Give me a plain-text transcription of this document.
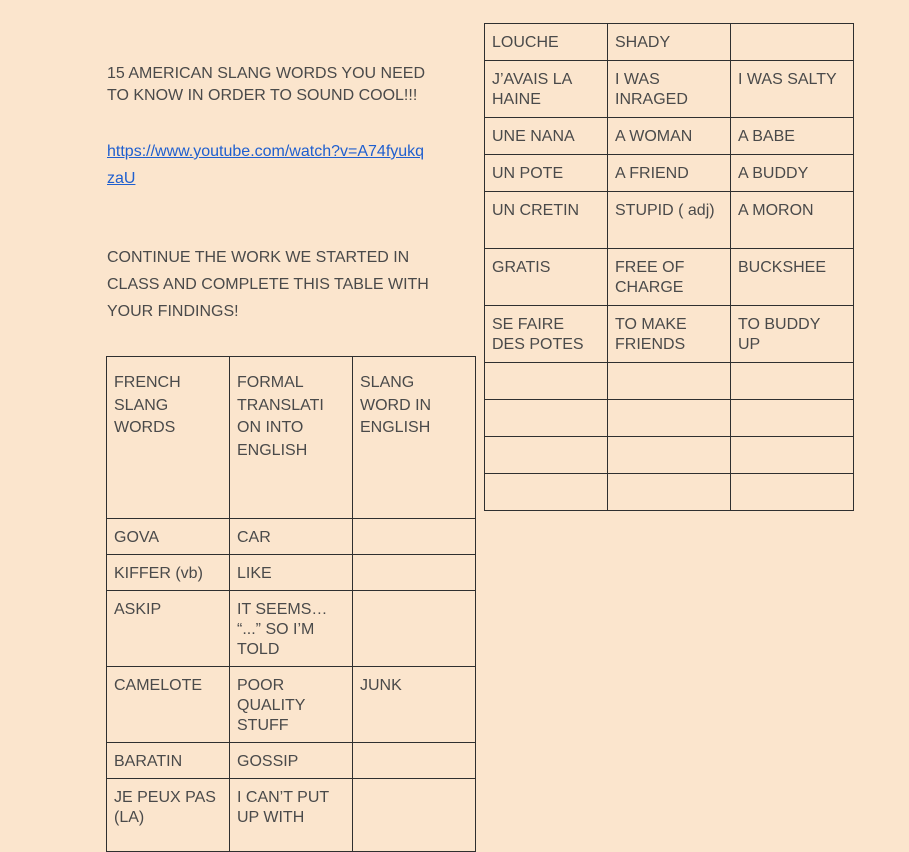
15 AMERICAN SLANG WORDS YOU NEED TO KNOW IN ORDER TO SOUND COOL!!!
https://www.youtube.com/watch?v=A74fyukqzaU
CONTINUE THE WORK WE STARTED IN CLASS AND COMPLETE THIS TABLE WITH YOUR FINDINGS!
FRENCH SLANG WORDS	FORMAL TRANSLATI ON INTO ENGLISH	SLANG WORD IN ENGLISH
GOVA	CAR	
KIFFER (vb)	LIKE	
ASKIP	IT SEEMS… “...” SO I’M TOLD	
CAMELOTE	POOR QUALITY STUFF	JUNK
BARATIN	GOSSIP	
JE PEUX PAS (LA)	I CAN’T PUT UP WITH	
LOUCHE	SHADY	
J’AVAIS LA HAINE	I WAS INRAGED	I WAS SALTY
UNE NANA	A WOMAN	A BABE
UN POTE	A FRIEND	A BUDDY
UN CRETIN	STUPID ( adj)	A MORON
GRATIS	FREE OF CHARGE	BUCKSHEE
SE FAIRE DES POTES	TO MAKE FRIENDS	TO BUDDY UP
